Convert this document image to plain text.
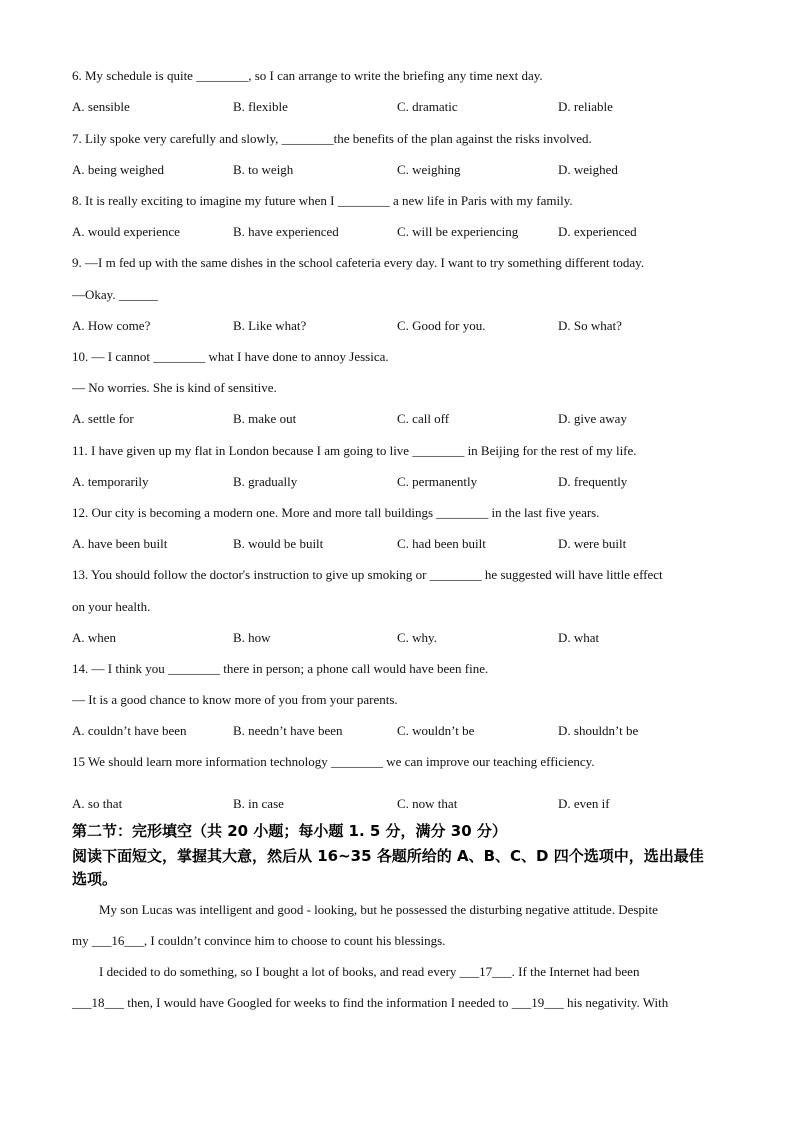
6. My schedule is quite ________, so I can arrange to write the briefing any time next day.
A. sensible	B. flexible	C. dramatic	D. reliable
7. Lily spoke very carefully and slowly, ________the benefits of the plan against the risks involved.
A. being weighed	B. to weigh	C. weighing	D. weighed
8. It is really exciting to imagine my future when I ________ a new life in Paris with my family.
A. would experience	B. have experienced	C. will be experiencing	D. experienced
9. —I m fed up with the same dishes in the school cafeteria every day. I want to try something different today.
—Okay. ______
A. How come?	B. Like what?	C. Good for you.	D. So what?
10. — I cannot ________ what I have done to annoy Jessica.
— No worries. She is kind of sensitive.
A. settle for	B. make out	C. call off	D. give away
11. I have given up my flat in London because I am going to live ________ in Beijing for the rest of my life.
A. temporarily	B. gradually	C. permanently	D. frequently
12. Our city is becoming a modern one. More and more tall buildings ________ in the last five years.
A. have been built	B. would be built	C. had been built	D. were built
13. You should follow the doctor's instruction to give up smoking or ________ he suggested will have little effect
on your health.
A. when	B. how	C. why.	D. what
14. — I think you ________ there in person; a phone call would have been fine.
— It is a good chance to know more of you from your parents.
A. couldn’t have been	B. needn’t have been	C. wouldn’t be	D. shouldn’t be
15 We should learn more information technology ________ we can improve our teaching efficiency.
A. so that	B. in case	C. now that	D. even if
第二节：完形填空（共 20 小题；每小题 1. 5 分，满分 30 分）
阅读下面短文，掌握其大意，然后从 16~35 各题所给的 A、B、C、D 四个选项中，选出最佳
选项。
My son Lucas was intelligent and good - looking, but he possessed the disturbing negative attitude. Despite
my ___16___, I couldn’t convince him to choose to count his blessings.
I decided to do something, so I bought a lot of books, and read every ___17___. If the Internet had been
___18___ then, I would have Googled for weeks to find the information I needed to ___19___ his negativity. With
